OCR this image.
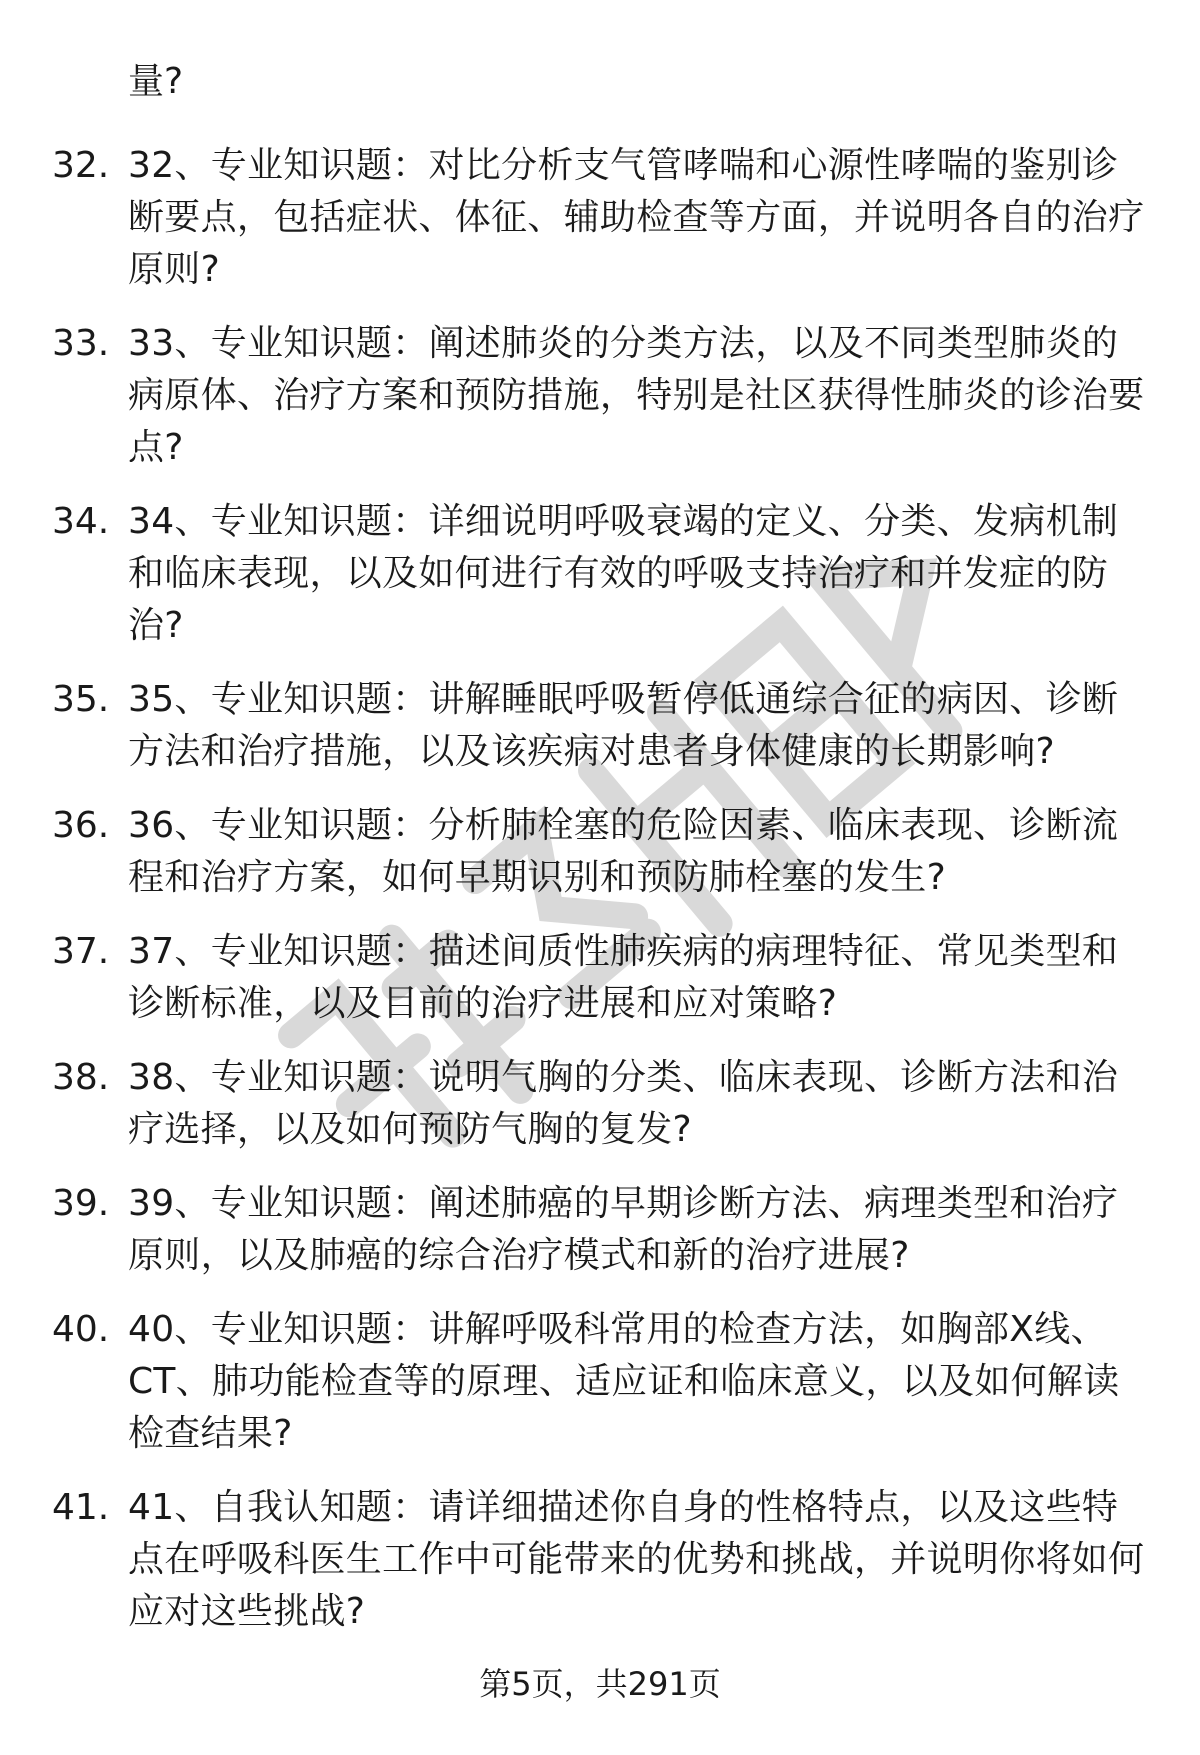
量?

32. 32、专业知识题：对比分析支气管哮喘和心源性哮喘的鉴别诊断要点，包括症状、体征、辅助检查等方面，并说明各自的治疗原则?
33. 33、专业知识题：阐述肺炎的分类方法，以及不同类型肺炎的病原体、治疗方案和预防措施，特别是社区获得性肺炎的诊治要点?
34. 34、专业知识题：详细说明呼吸衰竭的定义、分类、发病机制和临床表现，以及如何进行有效的呼吸支持治疗和并发症的防治?
35. 35、专业知识题：讲解睡眠呼吸暂停低通综合征的病因、诊断方法和治疗措施，以及该疾病对患者身体健康的长期影响?
36. 36、专业知识题：分析肺栓塞的危险因素、临床表现、诊断流程和治疗方案，如何早期识别和预防肺栓塞的发生?
37. 37、专业知识题：描述间质性肺疾病的病理特征、常见类型和诊断标准，以及目前的治疗进展和应对策略?
38. 38、专业知识题：说明气胸的分类、临床表现、诊断方法和治疗选择，以及如何预防气胸的复发?
39. 39、专业知识题：阐述肺癌的早期诊断方法、病理类型和治疗原则，以及肺癌的综合治疗模式和新的治疗进展?
40. 40、专业知识题：讲解呼吸科常用的检查方法，如胸部X线、CT、肺功能检查等的原理、适应证和临床意义，以及如何解读检查结果?
41. 41、自我认知题：请详细描述你自身的性格特点，以及这些特点在呼吸科医生工作中可能带来的优势和挑战，并说明你将如何应对这些挑战?
第5页，共291页
